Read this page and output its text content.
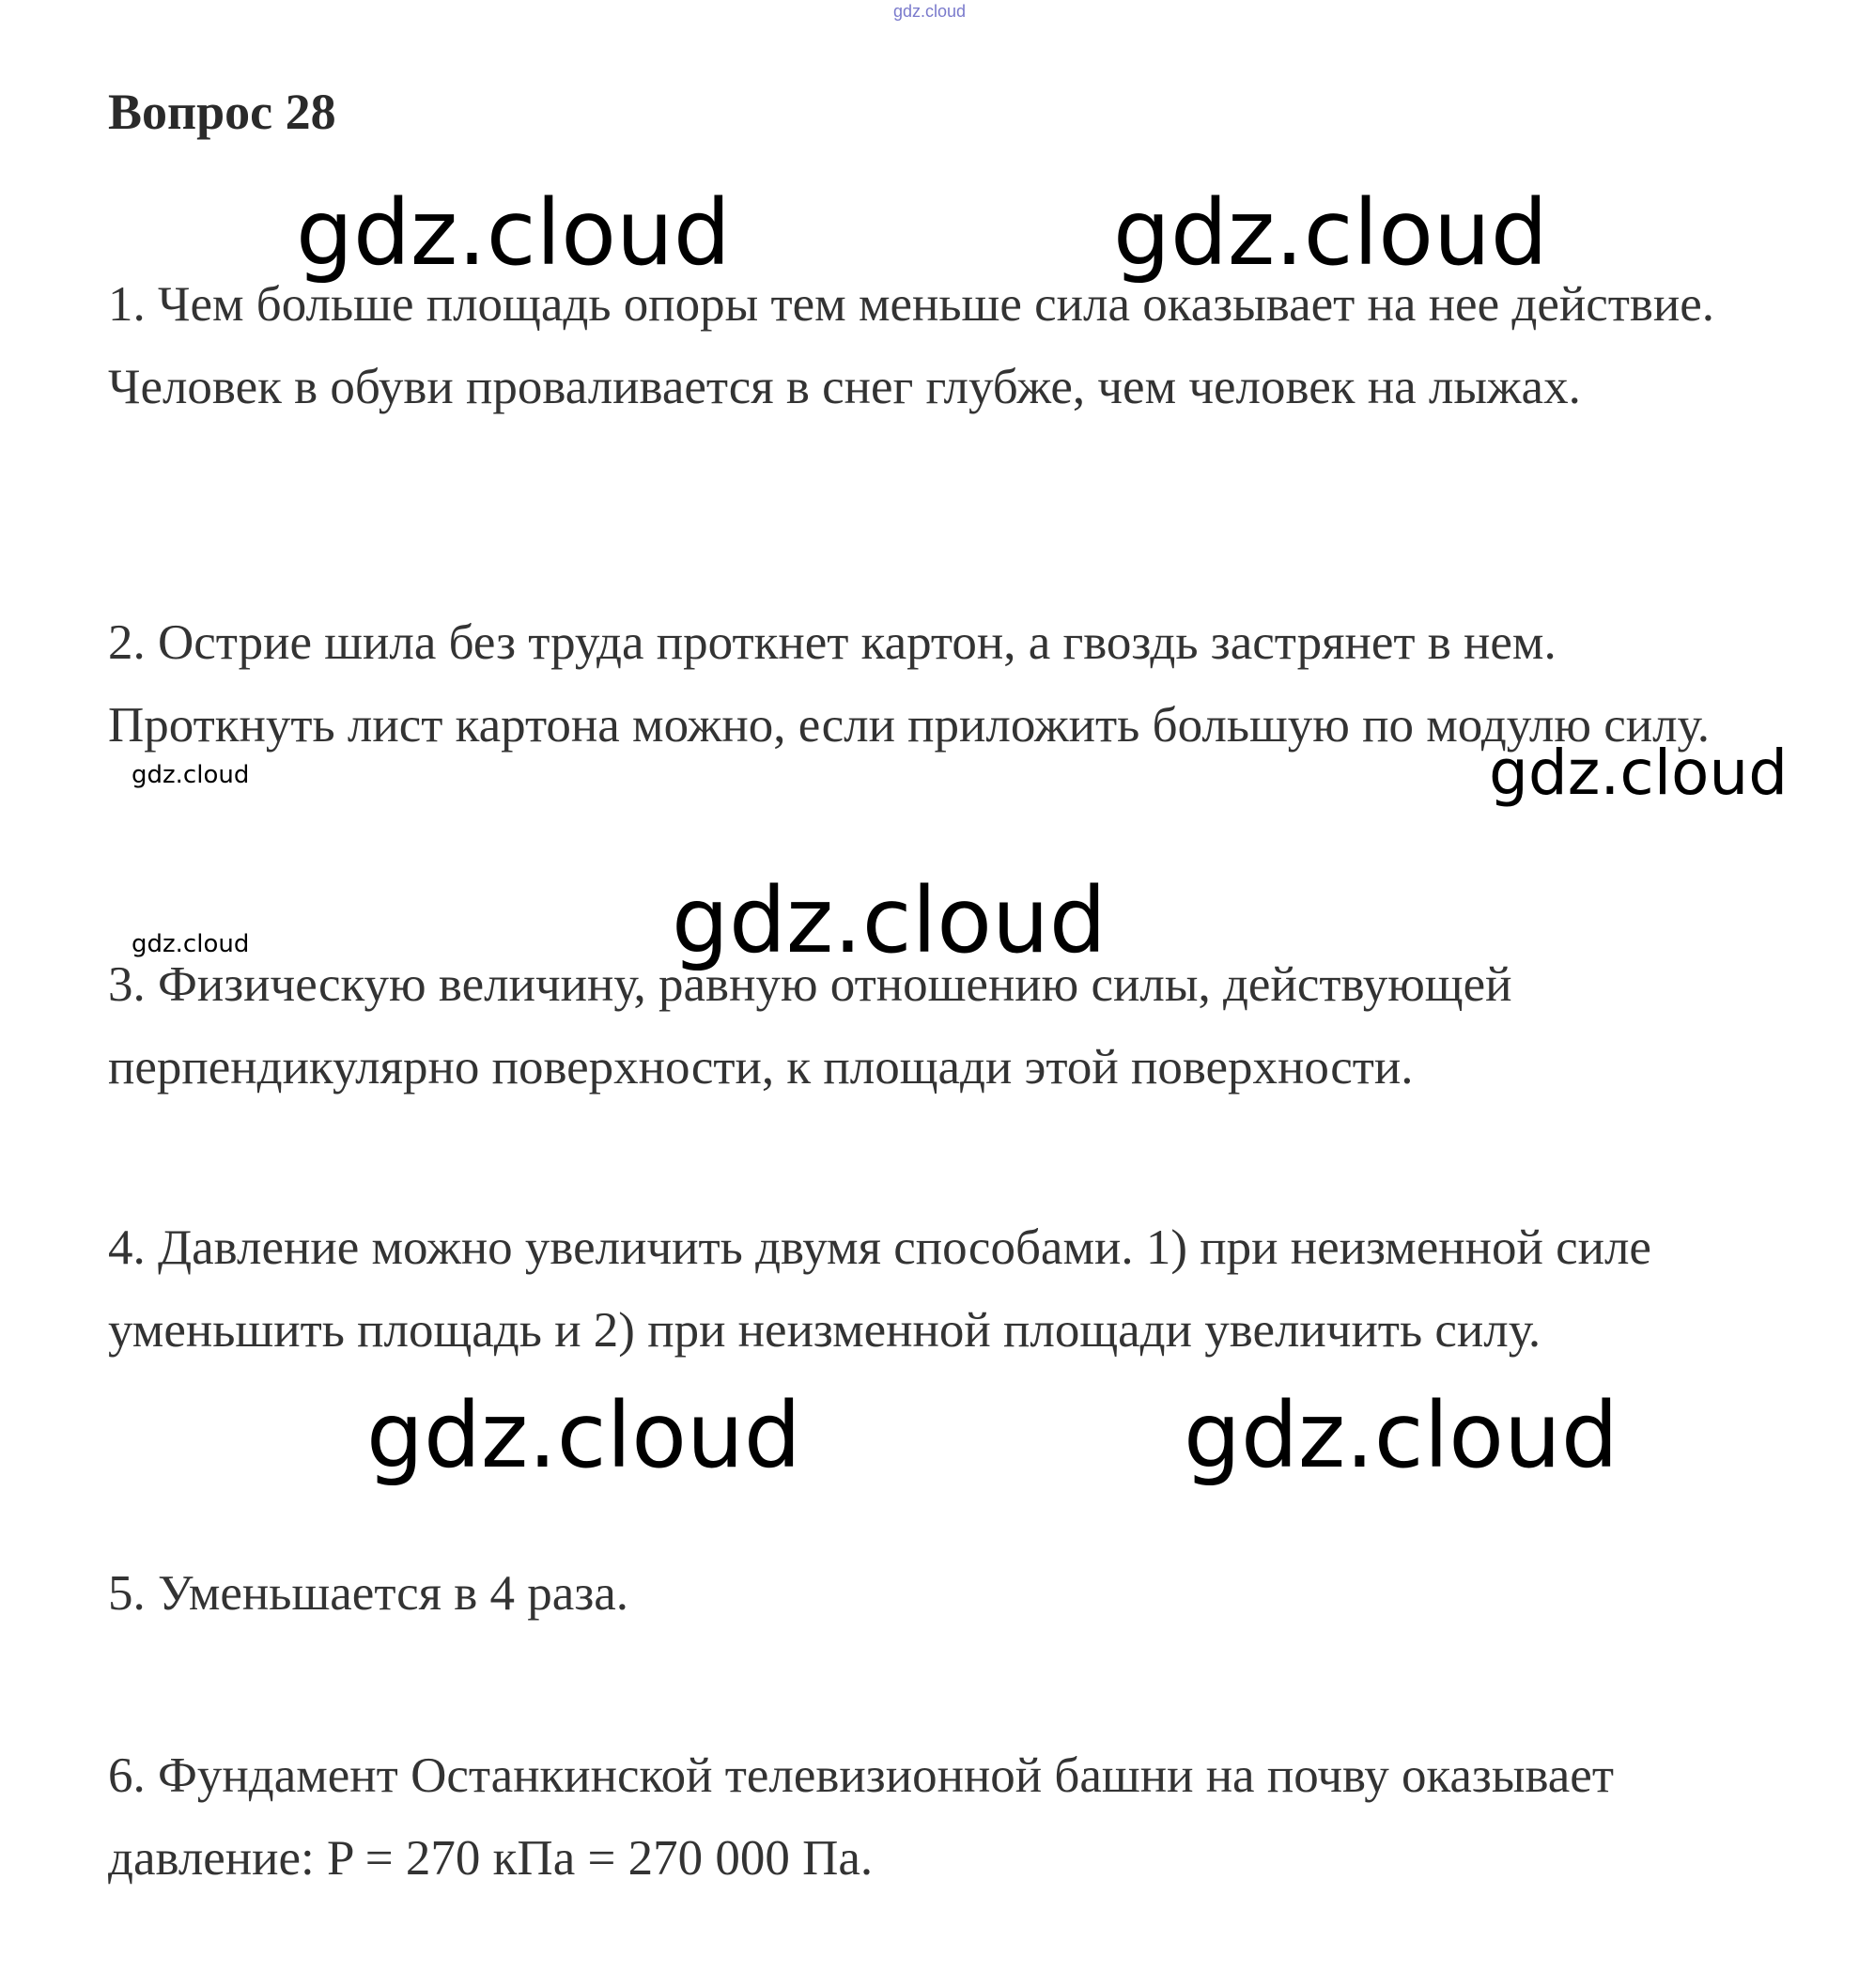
gdz.cloud
Вопрос 28

1. Чем больше площадь опоры тем меньше сила оказывает на нее действие. Человек в обуви проваливается в снег глубже, чем человек на лыжах.

2. Острие шила без труда проткнет картон, а гвоздь застрянет в нем. Проткнуть лист картона можно, если приложить большую по модулю силу.

3. Физическую величину, равную отношению силы, действующей перпендикулярно поверхности, к площади этой поверхности.

4. Давление можно увеличить двумя способами. 1) при неизменной силе уменьшить площадь и 2) при неизменной площади увеличить силу.

5. Уменьшается в 4 раза.

6. Фундамент Останкинской телевизионной башни на почву оказывает давление: P = 270 кПа = 270 000 Па.

gdz.cloud	gdz.cloud
gdz.cloud	gdz.cloud
gdz.cloud
gdz.cloud
gdz.cloud	gdz.cloud
